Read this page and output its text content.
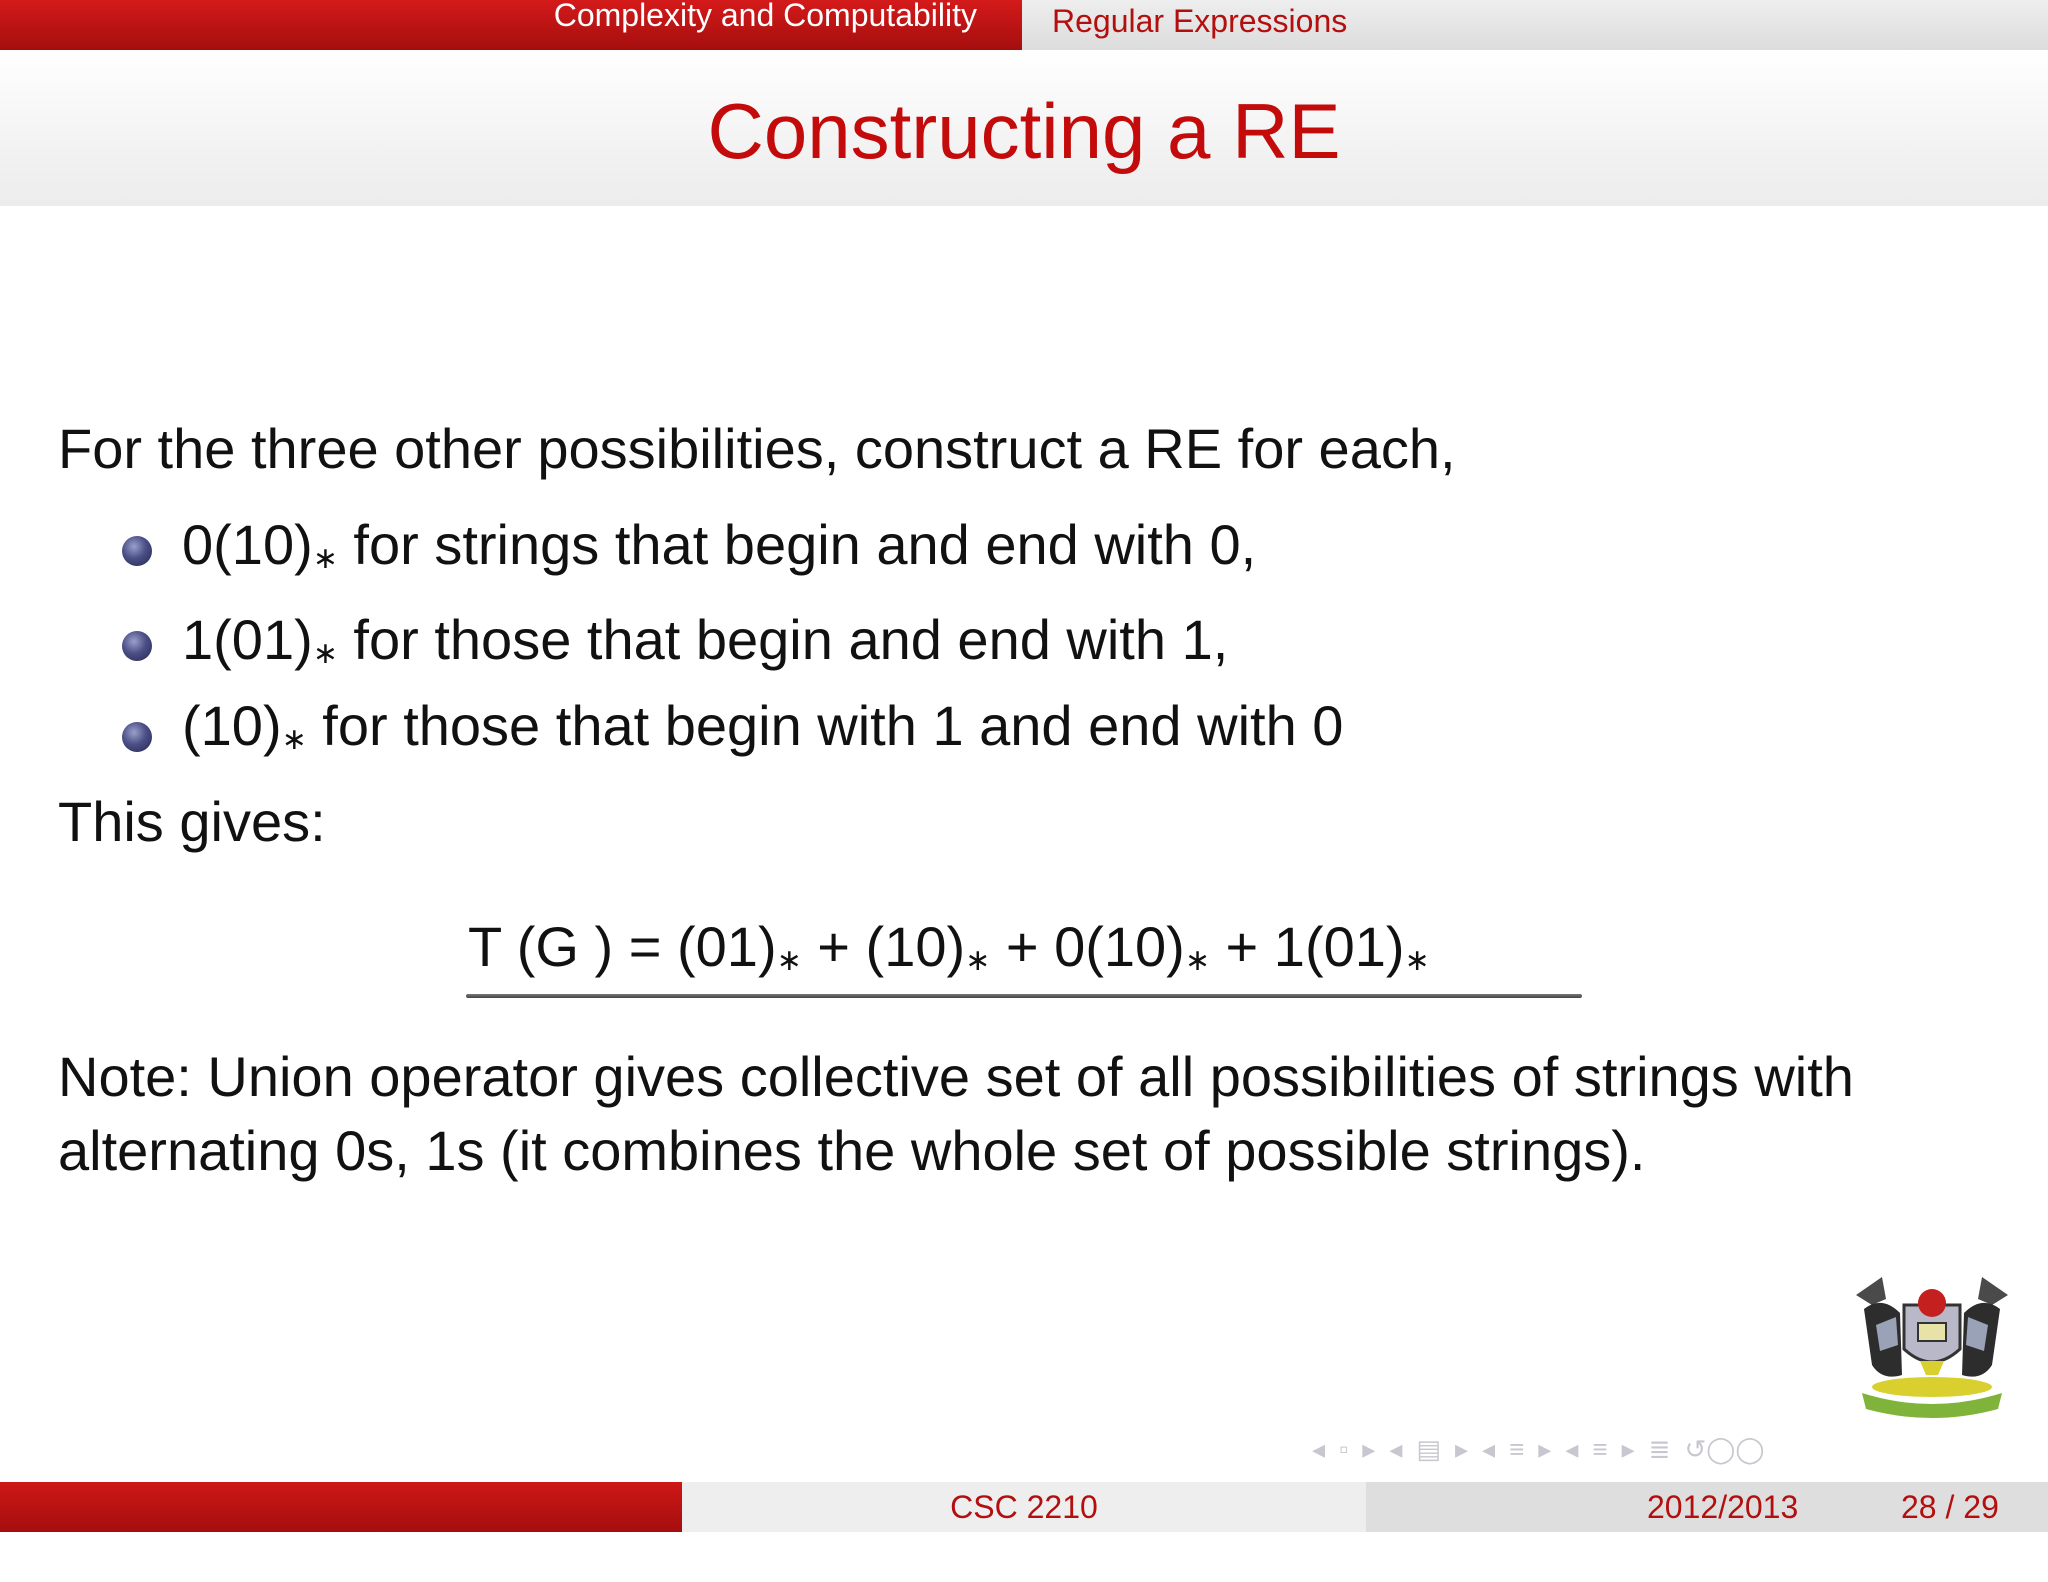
Complexity and Computability	Regular Expressions
Constructing a RE

For the three other possibilities, construct a RE for each,

0(10)∗ for strings that begin and end with 0,

1(01)∗ for those that begin and end with 1,

(10)∗ for those that begin with 1 and end with 0

This gives:

T (G ) = (01)∗ + (10)∗ + 0(10)∗ + 1(01)∗

Note: Union operator gives collective set of all possibilities of strings with alternating 0s, 1s (it combines the whole set of possible strings).

◂ ▫ ▸ ◂ ▤ ▸ ◂ ≡ ▸ ◂ ≡ ▸ ≣ ↺◯◯

Safari - Yonasi   (Makerere University)

CSC 2210	2012/2013	28 / 29
